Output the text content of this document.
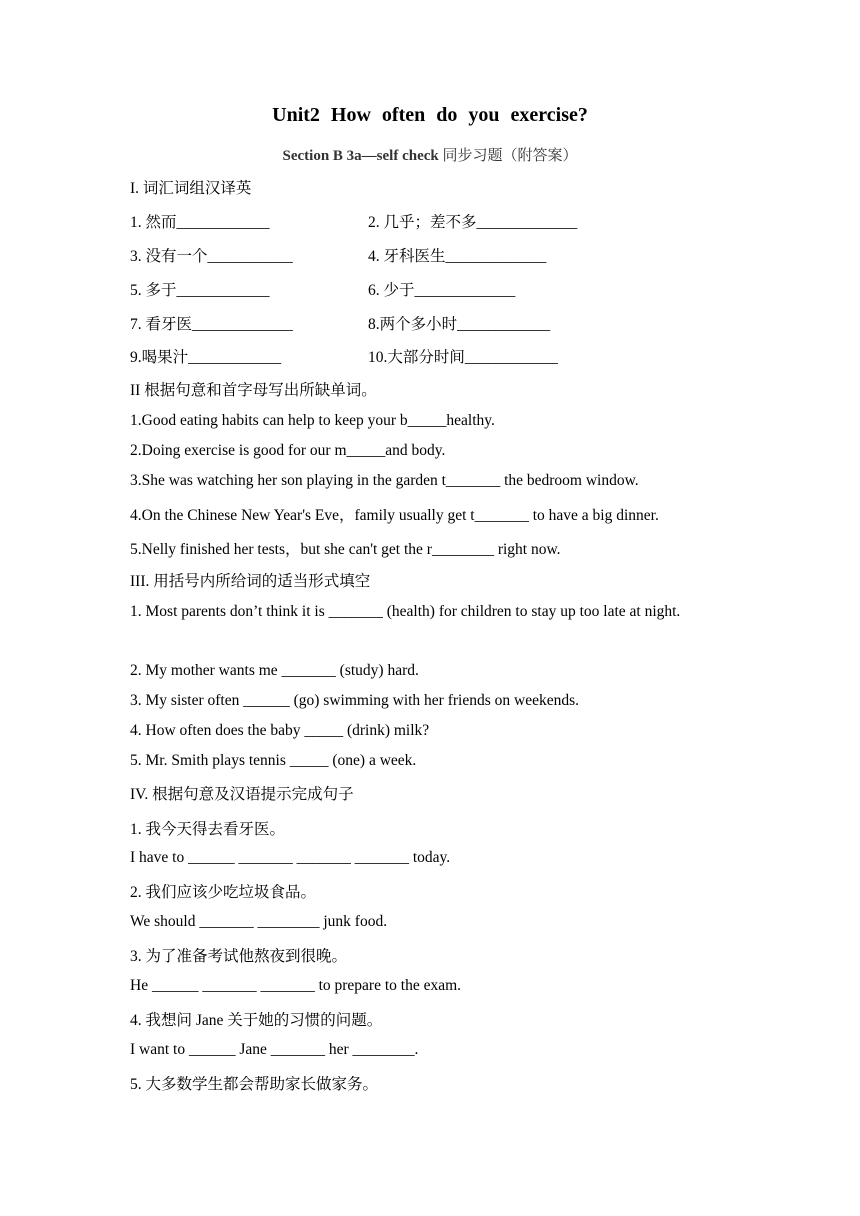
Unit2 How often do you exercise?
Section B 3a—self check 同步习题（附答案）
I. 词汇词组汉译英
1. 然而____________	2. 几乎；差不多_____________
3. 没有一个___________	4. 牙科医生_____________
5. 多于____________	6. 少于_____________
7. 看牙医_____________	8.两个多小时____________
9.喝果汁____________	10.大部分时间____________
II 根据句意和首字母写出所缺单词。
1.Good eating habits can help to keep your b_____healthy.
2.Doing exercise is good for our m_____and body.
3.She was watching her son playing in the garden t_______ the bedroom window.
4.On the Chinese New Year's Eve，family usually get t_______ to have a big dinner.
5.Nelly finished her tests，but she can't get the r________ right now.
III. 用括号内所给词的适当形式填空
1. Most parents don’t think it is _______ (health) for children to stay up too late at night.
2. My mother wants me _______ (study) hard.
3. My sister often ______ (go) swimming with her friends on weekends.
4. How often does the baby _____ (drink) milk?
5. Mr. Smith plays tennis _____ (one) a week.
IV. 根据句意及汉语提示完成句子
1. 我今天得去看牙医。
I have to ______ _______ _______ _______ today.
2. 我们应该少吃垃圾食品。
We should _______ ________ junk food.
3. 为了准备考试他熬夜到很晚。
He ______ _______ _______ to prepare to the exam.
4. 我想问 Jane 关于她的习惯的问题。
I want to ______ Jane _______ her ________.
5. 大多数学生都会帮助家长做家务。
